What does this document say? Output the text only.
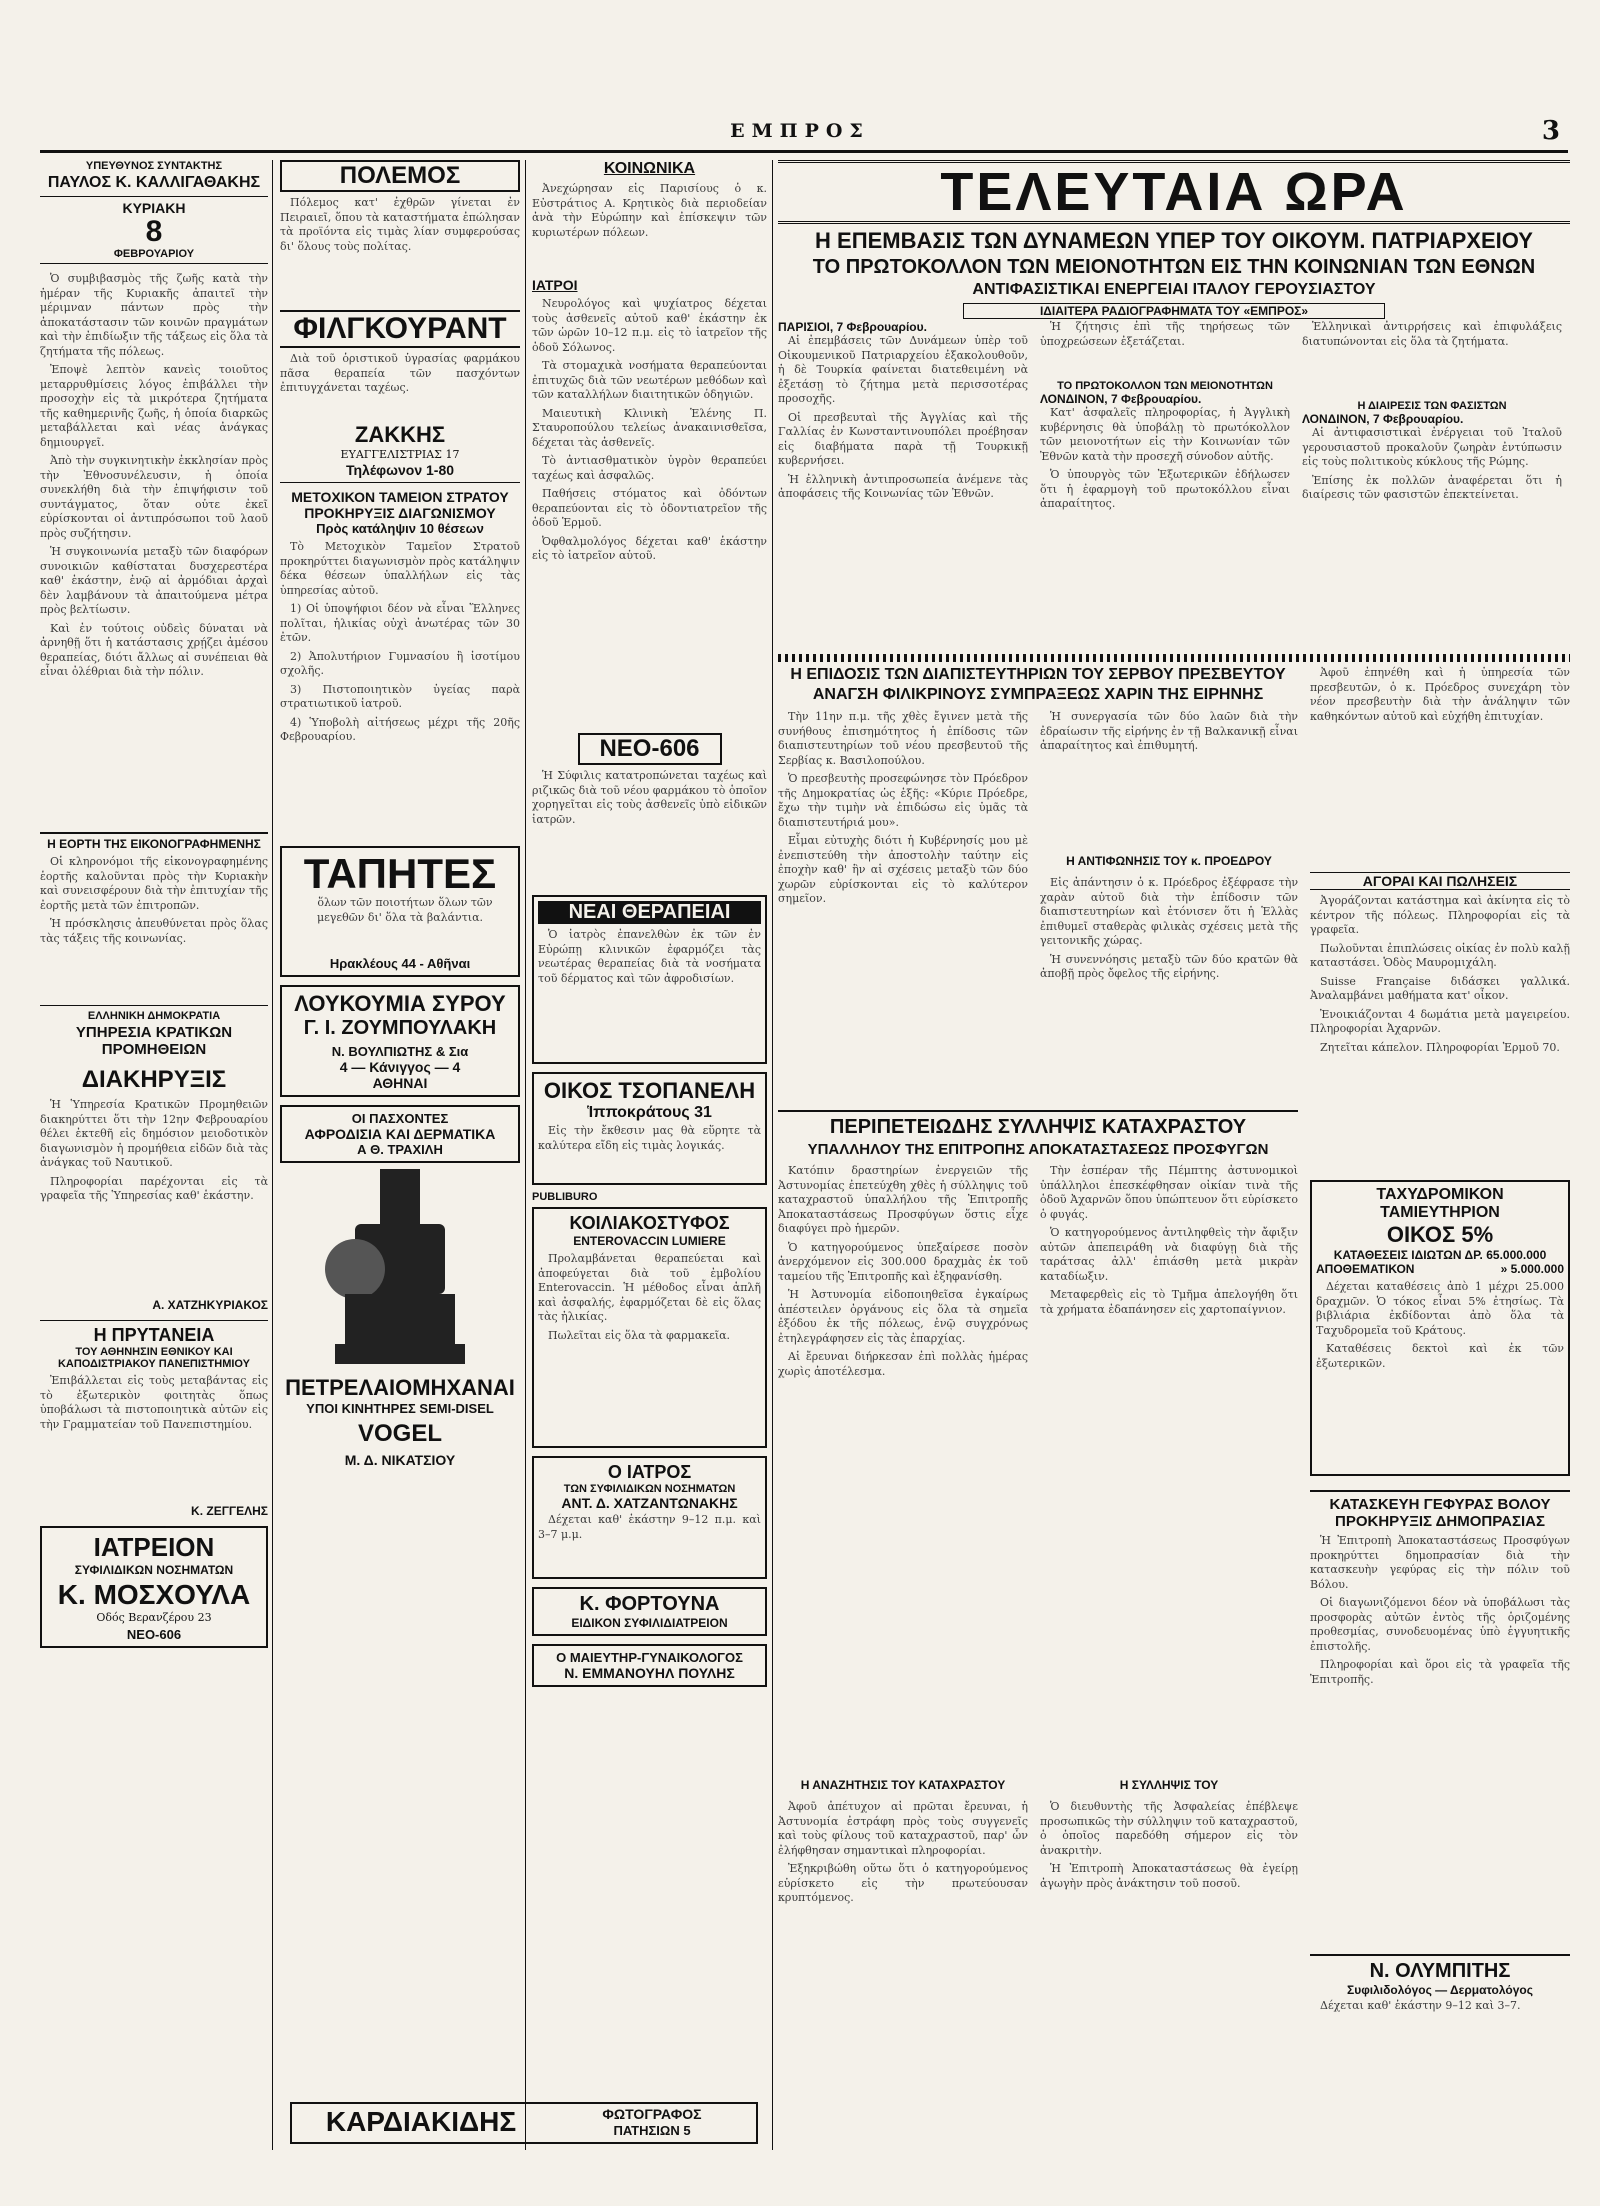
ΕΜΠΡΟΣ	3
ΥΠΕΥΘΥΝΟΣ ΣΥΝΤΑΚΤΗΣ
ΠΑΥΛΟΣ Κ. ΚΑΛΛΙΓΑΘΑΚΗΣ
ΚΥΡΙΑΚΗ
8
ΦΕΒΡΟΥΑΡΙΟΥ

Ὁ συμβιβασμὸς τῆς ζωῆς κατὰ τὴν ἡμέραν τῆς Κυριακῆς ἀπαιτεῖ τὴν μέριμναν πάντων πρὸς τὴν ἀποκατάστασιν τῶν κοινῶν πραγμάτων καὶ τὴν ἐπιδίωξιν τῆς τάξεως εἰς ὅλα τὰ ζητήματα τῆς πόλεως.

Ἐποψὲ λεπτὸν κανεὶς τοιοῦτος μεταρρυθμίσεις λόγος ἐπιβάλλει τὴν προσοχὴν εἰς τὰ μικρότερα ζητήματα τῆς καθημερινῆς ζωῆς, ἡ ὁποία διαρκῶς μεταβάλλεται καὶ νέας ἀνάγκας δημιουργεῖ.

Ἀπὸ τὴν συγκινητικὴν ἐκκλησίαν πρὸς τὴν Ἐθνοσυνέλευσιν, ἡ ὁποία συνεκλήθη διὰ τὴν ἐπιψήφισιν τοῦ συντάγματος, ὅταν οὐτε ἐκεῖ εὑρίσκονται οἱ ἀντιπρόσωποι τοῦ λαοῦ πρὸς συζήτησιν.

Ἡ συγκοινωνία μεταξὺ τῶν διαφόρων συνοικιῶν καθίσταται δυσχερεστέρα καθ' ἑκάστην, ἐνῷ αἱ ἀρμόδιαι ἀρχαὶ δὲν λαμβάνουν τὰ ἀπαιτούμενα μέτρα πρὸς βελτίωσιν.

Καὶ ἐν τούτοις οὐδεὶς δύναται νὰ ἀρνηθῇ ὅτι ἡ κατάστασις χρῄζει ἀμέσου θεραπείας, διότι ἄλλως αἱ συνέπειαι θὰ εἶναι ὀλέθριαι διὰ τὴν πόλιν.

Η ΕΟΡΤΗ ΤΗΣ ΕΙΚΟΝΟΓΡΑΦΗΜΕΝΗΣ

Οἱ κληρονόμοι τῆς εἰκονογραφημένης ἑορτῆς καλοῦνται πρὸς τὴν Κυριακὴν καὶ συνεισφέρουν διὰ τὴν ἐπιτυχίαν τῆς ἐορτῆς μετὰ τῶν ἐπιτροπῶν.

Ἡ πρόσκλησις ἀπευθύνεται πρὸς ὅλας τὰς τάξεις τῆς κοινωνίας.

ΕΛΛΗΝΙΚΗ ΔΗΜΟΚΡΑΤΙΑ
ΥΠΗΡΕΣΙΑ ΚΡΑΤΙΚΩΝ ΠΡΟΜΗΘΕΙΩΝ
ΔΙΑΚΗΡΥΞΙΣ

Ἡ Ὑπηρεσία Κρατικῶν Προμηθειῶν διακηρύττει ὅτι τὴν 12ην Φεβρουαρίου θέλει ἐκτεθῆ εἰς δημόσιον μειοδοτικὸν διαγωνισμὸν ἡ προμήθεια εἰδῶν διὰ τὰς ἀνάγκας τοῦ Ναυτικοῦ.

Πληροφορίαι παρέχονται εἰς τὰ γραφεῖα τῆς Ὑπηρεσίας καθ' ἑκάστην.

Α. ΧΑΤΖΗΚΥΡΙΑΚΟΣ
Η ΠΡΥΤΑΝΕΙΑ
ΤΟΥ ΑΘΗΝΗΣΙΝ ΕΘΝΙΚΟΥ ΚΑΙ ΚΑΠΟΔΙΣΤΡΙΑΚΟΥ ΠΑΝΕΠΙΣΤΗΜΙΟΥ

Ἐπιβάλλεται εἰς τοὺς μεταβάντας εἰς τὸ ἐξωτερικὸν φοιτητὰς ὅπως ὑποβάλωσι τὰ πιστοποιητικὰ αὐτῶν εἰς τὴν Γραμματείαν τοῦ Πανεπιστημίου.

Κ. ΖΕΓΓΕΛΗΣ
ΙΑΤΡΕΙΟΝ
ΣΥΦΙΛΙΔΙΚΩΝ ΝΟΣΗΜΑΤΩΝ
Κ. ΜΟΣΧΟΥΛΑ
Οδός Βερανζέρου 23
ΝΕΟ-606
ΠΟΛΕΜΟΣ

Πόλεμος κατ' ἐχθρῶν γίνεται ἐν Πειραιεῖ, ὅπου τὰ καταστήματα ἐπώλησαν τὰ προϊόντα εἰς τιμὰς λίαν συμφερούσας δι' ὅλους τοὺς πολίτας.

ΦΙΛΓΚΟΥΡΑΝΤ

Διὰ τοῦ ὁριστικοῦ ὑγρασίας φαρμάκου πᾶσα θεραπεία τῶν πασχόντων ἐπιτυγχάνεται ταχέως.

ΖΑΚΚΗΣ
ΕΥΑΓΓΕΛΙΣΤΡΙΑΣ 17
Τηλέφωνον 1-80
ΜΕΤΟΧΙΚΟΝ ΤΑΜΕΙΟΝ ΣΤΡΑΤΟΥ
ΠΡΟΚΗΡΥΞΙΣ ΔΙΑΓΩΝΙΣΜΟΥ
Πρὸς κατάληψιν 10 θέσεων

Τὸ Μετοχικὸν Ταμεῖον Στρατοῦ προκηρύττει διαγωνισμὸν πρὸς κατάληψιν δέκα θέσεων ὑπαλλήλων εἰς τὰς ὑπηρεσίας αὐτοῦ.

1) Οἱ ὑποψήφιοι δέον νὰ εἶναι Ἕλληνες πολῖται, ἡλικίας οὐχὶ ἀνωτέρας τῶν 30 ἐτῶν.

2) Ἀπολυτήριον Γυμνασίου ἢ ἰσοτίμου σχολῆς.

3) Πιστοποιητικὸν ὑγείας παρὰ στρατιωτικοῦ ἰατροῦ.

4) Ὑποβολὴ αἰτήσεως μέχρι τῆς 20ῆς Φεβρουαρίου.

ΤΑΠΗΤΕΣ

ὅλων τῶν ποιοτήτων ὅλων τῶν μεγεθῶν δι' ὅλα τὰ βαλάντια.

Ηρακλέους 44 - Αθῆναι
ΛΟΥΚΟΥΜΙΑ ΣΥΡΟΥ
Γ. Ι. ΖΟΥΜΠΟΥΛΑΚΗ
Ν. ΒΟΥΛΠΙΩΤΗΣ & Σια
4 — Κάνιγγος — 4
ΑΘΗΝΑΙ
ΟΙ ΠΑΣΧΟΝΤΕΣ
ΑΦΡΟΔΙΣΙΑ ΚΑΙ ΔΕΡΜΑΤΙΚΑ
Α Θ. ΤΡΑΧΙΛΗ
ΠΕΤΡΕΛΑΙΟΜΗΧΑΝΑΙ
ΥΠΟΙ ΚΙΝΗΤΗΡΕΣ SEMI-DISEL
VOGEL
Μ. Δ. ΝΙΚΑΤΣΙΟΥ
ΚΟΙΝΩΝΙΚΑ

Ἀνεχώρησαν εἰς Παρισίους ὁ κ. Εὐστράτιος Α. Κρητικὸς διὰ περιοδείαν ἀνὰ τὴν Εὐρώπην καὶ ἐπίσκεψιν τῶν κυριωτέρων πόλεων.

ΙΑΤΡΟΙ

Νευρολόγος καὶ ψυχίατρος δέχεται τοὺς ἀσθενεῖς αὐτοῦ καθ' ἑκάστην ἐκ τῶν ὡρῶν 10–12 π.μ. εἰς τὸ ἰατρεῖον τῆς ὁδοῦ Σόλωνος.

Τὰ στομαχικὰ νοσήματα θεραπεύονται ἐπιτυχῶς διὰ τῶν νεωτέρων μεθόδων καὶ τῶν καταλλήλων διαιτητικῶν ὁδηγιῶν.

Μαιευτικὴ Κλινικὴ Ἑλένης Π. Σταυροπούλου τελείως ἀνακαινισθεῖσα, δέχεται τὰς ἀσθενεῖς.

Τὸ ἀντιασθματικὸν ὑγρὸν θεραπεύει ταχέως καὶ ἀσφαλῶς.

Παθήσεις στόματος καὶ ὀδόντων θεραπεύονται εἰς τὸ ὀδοντιατρεῖον τῆς ὁδοῦ Ἑρμοῦ.

Ὀφθαλμολόγος δέχεται καθ' ἑκάστην εἰς τὸ ἰατρεῖον αὐτοῦ.

ΝΕΟ-606

Ἡ Σύφιλις κατατροπώνεται ταχέως καὶ ριζικῶς διὰ τοῦ νέου φαρμάκου τὸ ὁποῖον χορηγεῖται εἰς τοὺς ἀσθενεῖς ὑπὸ εἰδικῶν ἰατρῶν.

ΝΕΑΙ ΘΕΡΑΠΕΙΑΙ

Ὁ ἰατρὸς ἐπανελθὼν ἐκ τῶν ἐν Εὐρώπῃ κλινικῶν ἐφαρμόζει τὰς νεωτέρας θεραπείας διὰ τὰ νοσήματα τοῦ δέρματος καὶ τῶν ἀφροδισίων.

ΟΙΚΟΣ ΤΣΟΠΑΝΕΛΗ
Ἱπποκράτους 31

Εἰς τὴν ἔκθεσιν μας θὰ εὕρητε τὰ καλύτερα εἴδη εἰς τιμὰς λογικάς.

PUBLIBURO
ΚΟΙΛΙΑΚΟΣΤΥΦΟΣ
ENTEROVACCIN LUMIERE

Προλαμβάνεται θεραπεύεται καὶ ἀποφεύγεται διὰ τοῦ ἐμβολίου Enterovaccin. Ἡ μέθοδος εἶναι ἁπλῆ καὶ ἀσφαλής, ἐφαρμόζεται δὲ εἰς ὅλας τὰς ἡλικίας.

Πωλεῖται εἰς ὅλα τὰ φαρμακεῖα.

Ο ΙΑΤΡΟΣ
ΤΩΝ ΣΥΦΙΛΙΔΙΚΩΝ ΝΟΣΗΜΑΤΩΝ
ΑΝΤ. Δ. ΧΑΤΖΑΝΤΩΝΑΚΗΣ

Δέχεται καθ' ἑκάστην 9–12 π.μ. καὶ 3–7 μ.μ.

Κ. ΦΟΡΤΟΥΝΑ
ΕΙΔΙΚΟΝ ΣΥΦΙΛΙΔΙΑΤΡΕΙΟΝ
Ο ΜΑΙΕΥΤΗΡ-ΓΥΝΑΙΚΟΛΟΓΟΣ
Ν. ΕΜΜΑΝΟΥΗΛ ΠΟΥΛΗΣ
ΚΑΡΔΙΑΚΙΔΗΣ	ΦΩΤΟΓΡΑΦΟΣ
ΠΑΤΗΣΙΩΝ 5
ΤΕΛΕΥΤΑΙΑ ΩΡΑ
Η ΕΠΕΜΒΑΣΙΣ ΤΩΝ ΔΥΝΑΜΕΩΝ ΥΠΕΡ ΤΟΥ ΟΙΚΟΥΜ. ΠΑΤΡΙΑΡΧΕΙΟΥ
ΤΟ ΠΡΩΤΟΚΟΛΛΟΝ ΤΩΝ ΜΕΙΟΝΟΤΗΤΩΝ ΕΙΣ ΤΗΝ ΚΟΙΝΩΝΙΑΝ ΤΩΝ ΕΘΝΩΝ
ΑΝΤΙΦΑΣΙΣΤΙΚΑΙ ΕΝΕΡΓΕΙΑΙ ΙΤΑΛΟΥ ΓΕΡΟΥΣΙΑΣΤΟΥ
ΙΔΙΑΙΤΕΡΑ ΡΑΔΙΟΓΡΑΦΗΜΑΤΑ ΤΟΥ «ΕΜΠΡΟΣ»
ΠΑΡΙΣΙΟΙ, 7 Φεβρουαρίου.

Αἱ ἐπεμβάσεις τῶν Δυνάμεων ὑπὲρ τοῦ Οἰκουμενικοῦ Πατριαρχείου ἐξακολουθοῦν, ἡ δὲ Τουρκία φαίνεται διατεθειμένη νὰ ἐξετάσῃ τὸ ζήτημα μετὰ περισσοτέρας προσοχῆς.

Οἱ πρεσβευταὶ τῆς Ἀγγλίας καὶ τῆς Γαλλίας ἐν Κωνσταντινουπόλει προέβησαν εἰς διαβήματα παρὰ τῇ Τουρκικῇ κυβερνήσει.

Ἡ ἐλληνικὴ ἀντιπροσωπεία ἀνέμενε τὰς ἀποφάσεις τῆς Κοινωνίας τῶν Ἐθνῶν.

Ἡ ζήτησις ἐπὶ τῆς τηρήσεως τῶν ὑποχρεώσεων ἐξετάζεται.

ΤΟ ΠΡΩΤΟΚΟΛΛΟΝ ΤΩΝ ΜΕΙΟΝΟΤΗΤΩΝ
ΛΟΝΔΙΝΟΝ, 7 Φεβρουαρίου.

Κατ' ἀσφαλεῖς πληροφορίας, ἡ Ἀγγλικὴ κυβέρνησις θὰ ὑποβάλῃ τὸ πρωτόκολλον τῶν μειονοτήτων εἰς τὴν Κοινωνίαν τῶν Ἐθνῶν κατὰ τὴν προσεχῆ σύνοδον αὐτῆς.

Ὁ ὑπουργὸς τῶν Ἐξωτερικῶν ἐδήλωσεν ὅτι ἡ ἐφαρμογὴ τοῦ πρωτοκόλλου εἶναι ἀπαραίτητος.

Ἑλληνικαὶ ἀντιρρήσεις καὶ ἐπιφυλάξεις διατυπώνονται εἰς ὅλα τὰ ζητήματα.

Η ΔΙΑΙΡΕΣΙΣ ΤΩΝ ΦΑΣΙΣΤΩΝ
ΛΟΝΔΙΝΟΝ, 7 Φεβρουαρίου.

Αἱ ἀντιφασιστικαὶ ἐνέργειαι τοῦ Ἰταλοῦ γερουσιαστοῦ προκαλοῦν ζωηρὰν ἐντύπωσιν εἰς τοὺς πολιτικοὺς κύκλους τῆς Ρώμης.

Ἐπίσης ἐκ πολλῶν ἀναφέρεται ὅτι ἡ διαίρεσις τῶν φασιστῶν ἐπεκτείνεται.

Η ΕΠΙΔΟΣΙΣ ΤΩΝ ΔΙΑΠΙΣΤΕΥΤΗΡΙΩΝ ΤΟΥ ΣΕΡΒΟΥ ΠΡΕΣΒΕΥΤΟΥ
ΑΝΑΓΣΗ ΦΙΛΙΚΡΙΝΟΥΣ ΣΥΜΠΡΑΞΕΩΣ ΧΑΡΙΝ ΤΗΣ ΕΙΡΗΝΗΣ

Τὴν 11ην π.μ. τῆς χθὲς ἔγινεν μετὰ τῆς συνήθους ἐπισημότητος ἡ ἐπίδοσις τῶν διαπιστευτηρίων τοῦ νέου πρεσβευτοῦ τῆς Σερβίας κ. Βασιλοπούλου.

Ὁ πρεσβευτὴς προσεφώνησε τὸν Πρόεδρον τῆς Δημοκρατίας ὡς ἑξῆς: «Κύριε Πρόεδρε, ἔχω τὴν τιμὴν νὰ ἐπιδώσω εἰς ὑμᾶς τὰ διαπιστευτήριά μου».

Εἶμαι εὐτυχὴς διότι ἡ Κυβέρνησίς μου μὲ ἐνεπιστεύθη τὴν ἀποστολὴν ταύτην εἰς ἐποχὴν καθ' ἣν αἱ σχέσεις μεταξὺ τῶν δύο χωρῶν εὑρίσκονται εἰς τὸ καλύτερον σημεῖον.

Ἡ συνεργασία τῶν δύο λαῶν διὰ τὴν ἐδραίωσιν τῆς εἰρήνης ἐν τῇ Βαλκανικῇ εἶναι ἀπαραίτητος καὶ ἐπιθυμητή.

Η ΑΝΤΙΦΩΝΗΣΙΣ ΤΟΥ κ. ΠΡΟΕΔΡΟΥ

Εἰς ἀπάντησιν ὁ κ. Πρόεδρος ἐξέφρασε τὴν χαρὰν αὐτοῦ διὰ τὴν ἐπίδοσιν τῶν διαπιστευτηρίων καὶ ἐτόνισεν ὅτι ἡ Ἑλλὰς ἐπιθυμεῖ σταθερὰς φιλικὰς σχέσεις μετὰ τῆς γειτονικῆς χώρας.

Ἡ συνεννόησις μεταξὺ τῶν δύο κρατῶν θὰ ἀποβῇ πρὸς ὄφελος τῆς εἰρήνης.

Ἀφοῦ ἐπηνέθη καὶ ἡ ὑπηρεσία τῶν πρεσβευτῶν, ὁ κ. Πρόεδρος συνεχάρη τὸν νέον πρεσβευτὴν διὰ τὴν ἀνάληψιν τῶν καθηκόντων αὐτοῦ καὶ εὐχήθη ἐπιτυχίαν.

ΑΓΟΡΑΙ ΚΑΙ ΠΩΛΗΣΕΙΣ

Ἀγοράζονται κατάστημα καὶ ἀκίνητα εἰς τὸ κέντρον τῆς πόλεως. Πληροφορίαι εἰς τὰ γραφεῖα.

Πωλοῦνται ἐπιπλώσεις οἰκίας ἐν πολὺ καλῇ καταστάσει. Ὁδὸς Μαυρομιχάλη.

Suisse Française διδάσκει γαλλικά. Ἀναλαμβάνει μαθήματα κατ' οἶκον.

Ἐνοικιάζονται 4 δωμάτια μετὰ μαγειρείου. Πληροφορίαι Ἀχαρνῶν.

Ζητεῖται κάπελον. Πληροφορίαι Ἑρμοῦ 70.

ΠΕΡΙΠΕΤΕΙΩΔΗΣ ΣΥΛΛΗΨΙΣ ΚΑΤΑΧΡΑΣΤΟΥ
ΥΠΑΛΛΗΛΟΥ ΤΗΣ ΕΠΙΤΡΟΠΗΣ ΑΠΟΚΑΤΑΣΤΑΣΕΩΣ ΠΡΟΣΦΥΓΩΝ

Κατόπιν δραστηρίων ἐνεργειῶν τῆς Ἀστυνομίας ἐπετεύχθη χθὲς ἡ σύλληψις τοῦ καταχραστοῦ ὑπαλλήλου τῆς Ἐπιτροπῆς Ἀποκαταστάσεως Προσφύγων ὅστις εἶχε διαφύγει πρὸ ἡμερῶν.

Ὁ κατηγορούμενος ὑπεξαίρεσε ποσὸν ἀνερχόμενον εἰς 300.000 δραχμὰς ἐκ τοῦ ταμείου τῆς Ἐπιτροπῆς καὶ ἐξηφανίσθη.

Ἡ Ἀστυνομία εἰδοποιηθεῖσα ἐγκαίρως ἀπέστειλεν ὀργάνους εἰς ὅλα τὰ σημεῖα ἐξόδου ἐκ τῆς πόλεως, ἐνῷ συγχρόνως ἐτηλεγράφησεν εἰς τὰς ἐπαρχίας.

Αἱ ἔρευναι διήρκεσαν ἐπὶ πολλὰς ἡμέρας χωρὶς ἀποτέλεσμα.

Η ΑΝΑΖΗΤΗΣΙΣ ΤΟΥ ΚΑΤΑΧΡΑΣΤΟΥ

Ἀφοῦ ἀπέτυχον αἱ πρῶται ἔρευναι, ἡ Ἀστυνομία ἐστράφη πρὸς τοὺς συγγενεῖς καὶ τοὺς φίλους τοῦ καταχραστοῦ, παρ' ὧν ἐλήφθησαν σημαντικαὶ πληροφορίαι.

Ἐξηκριβώθη οὕτω ὅτι ὁ κατηγορούμενος εὑρίσκετο εἰς τὴν πρωτεύουσαν κρυπτόμενος.

Τὴν ἑσπέραν τῆς Πέμπτης ἀστυνομικοὶ ὑπάλληλοι ἐπεσκέφθησαν οἰκίαν τινὰ τῆς ὁδοῦ Ἀχαρνῶν ὅπου ὑπώπτευον ὅτι εὑρίσκετο ὁ φυγάς.

Ὁ κατηγορούμενος ἀντιληφθεὶς τὴν ἄφιξιν αὐτῶν ἀπεπειράθη νὰ διαφύγῃ διὰ τῆς ταράτσας ἀλλ' ἐπιάσθη μετὰ μικρὰν καταδίωξιν.

Μεταφερθεὶς εἰς τὸ Τμῆμα ἀπελογήθη ὅτι τὰ χρήματα ἐδαπάνησεν εἰς χαρτοπαίγνιον.

Η ΣΥΛΛΗΨΙΣ ΤΟΥ

Ὁ διευθυντὴς τῆς Ἀσφαλείας ἐπέβλεψε προσωπικῶς τὴν σύλληψιν τοῦ καταχραστοῦ, ὁ ὁποῖος παρεδόθη σήμερον εἰς τὸν ἀνακριτὴν.

Ἡ Ἐπιτροπὴ Ἀποκαταστάσεως θὰ ἐγείρῃ ἀγωγὴν πρὸς ἀνάκτησιν τοῦ ποσοῦ.

ΤΑΧΥΔΡΟΜΙΚΟΝ ΤΑΜΙΕΥΤΗΡΙΟΝ
ΟΙΚΟΣ 5%
ΚΑΤΑΘΕΣΕΙΣ ΙΔΙΩΤΩΝ ΔΡ. 65.000.000
ΑΠΟΘΕΜΑΤΙΚΟΝ	» 5.000.000

Δέχεται καταθέσεις ἀπὸ 1 μέχρι 25.000 δραχμῶν. Ὁ τόκος εἶναι 5% ἐτησίως. Τὰ βιβλιάρια ἐκδίδονται ἀπὸ ὅλα τὰ Ταχυδρομεῖα τοῦ Κράτους.

Καταθέσεις δεκτοὶ καὶ ἐκ τῶν ἐξωτερικῶν.

ΚΑΤΑΣΚΕΥΗ ΓΕΦΥΡΑΣ ΒΟΛΟΥ
ΠΡΟΚΗΡΥΞΙΣ ΔΗΜΟΠΡΑΣΙΑΣ

Ἡ Ἐπιτροπὴ Ἀποκαταστάσεως Προσφύγων προκηρύττει δημοπρασίαν διὰ τὴν κατασκευὴν γεφύρας εἰς τὴν πόλιν τοῦ Βόλου.

Οἱ διαγωνιζόμενοι δέον νὰ ὑποβάλωσι τὰς προσφορὰς αὐτῶν ἐντὸς τῆς ὁριζομένης προθεσμίας, συνοδευομένας ὑπὸ ἐγγυητικῆς ἐπιστολῆς.

Πληροφορίαι καὶ ὅροι εἰς τὰ γραφεῖα τῆς Ἐπιτροπῆς.

Ν. ΟΛΥΜΠΙΤΗΣ
Συφιλιδολόγος — Δερματολόγος

Δέχεται καθ' ἑκάστην 9–12 καὶ 3–7.
